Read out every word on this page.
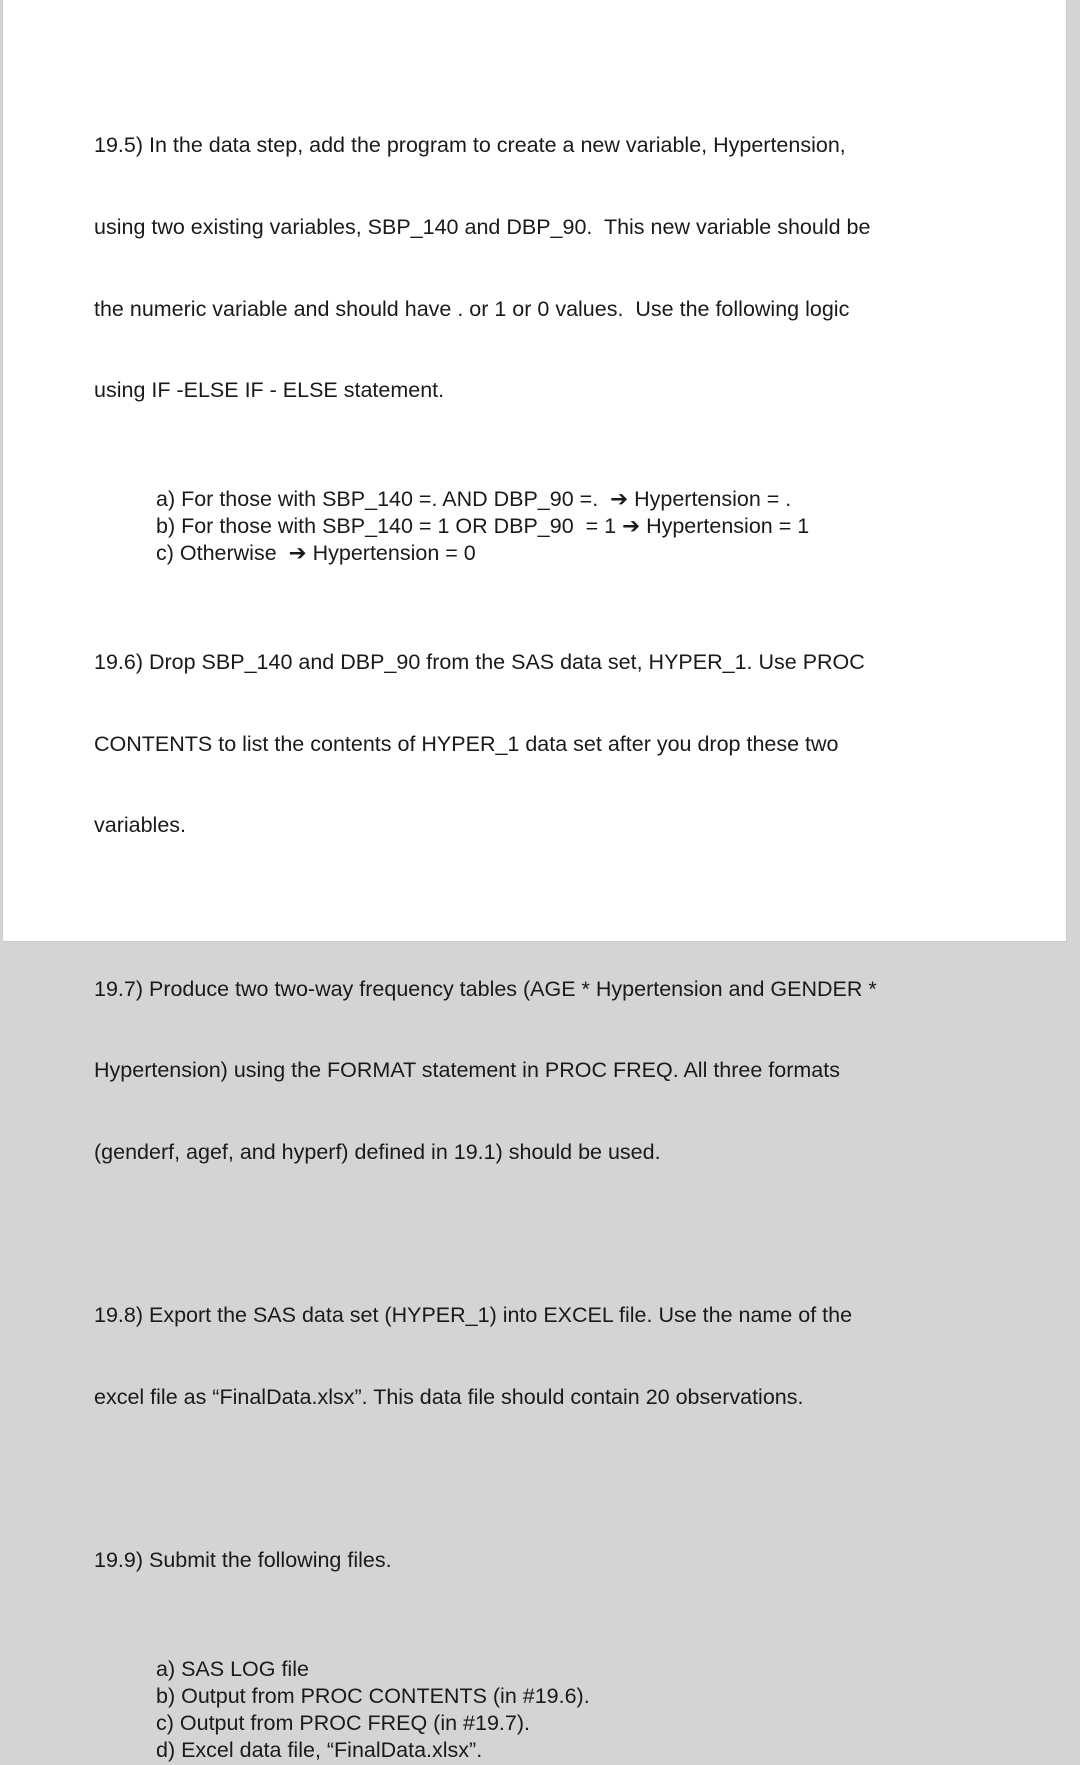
19.5) In the data step, add the program to create a new variable, Hypertension,

using two existing variables, SBP_140 and DBP_90.  This new variable should be

the numeric variable and should have . or 1 or 0 values.  Use the following logic

using IF -ELSE IF - ELSE statement.

a) For those with SBP_140 =. AND DBP_90 =.  ➔ Hypertension = .
b) For those with SBP_140 = 1 OR DBP_90  = 1 ➔ Hypertension = 1
c) Otherwise  ➔ Hypertension = 0

19.6) Drop SBP_140 and DBP_90 from the SAS data set, HYPER_1. Use PROC

CONTENTS to list the contents of HYPER_1 data set after you drop these two

variables.

19.7) Produce two two-way frequency tables (AGE * Hypertension and GENDER *

Hypertension) using the FORMAT statement in PROC FREQ. All three formats

(genderf, agef, and hyperf) defined in 19.1) should be used.

19.8) Export the SAS data set (HYPER_1) into EXCEL file. Use the name of the

excel file as “FinalData.xlsx”. This data file should contain 20 observations.

19.9) Submit the following files.

a) SAS LOG file
b) Output from PROC CONTENTS (in #19.6).
c) Output from PROC FREQ (in #19.7).
d) Excel data file, “FinalData.xlsx”.
